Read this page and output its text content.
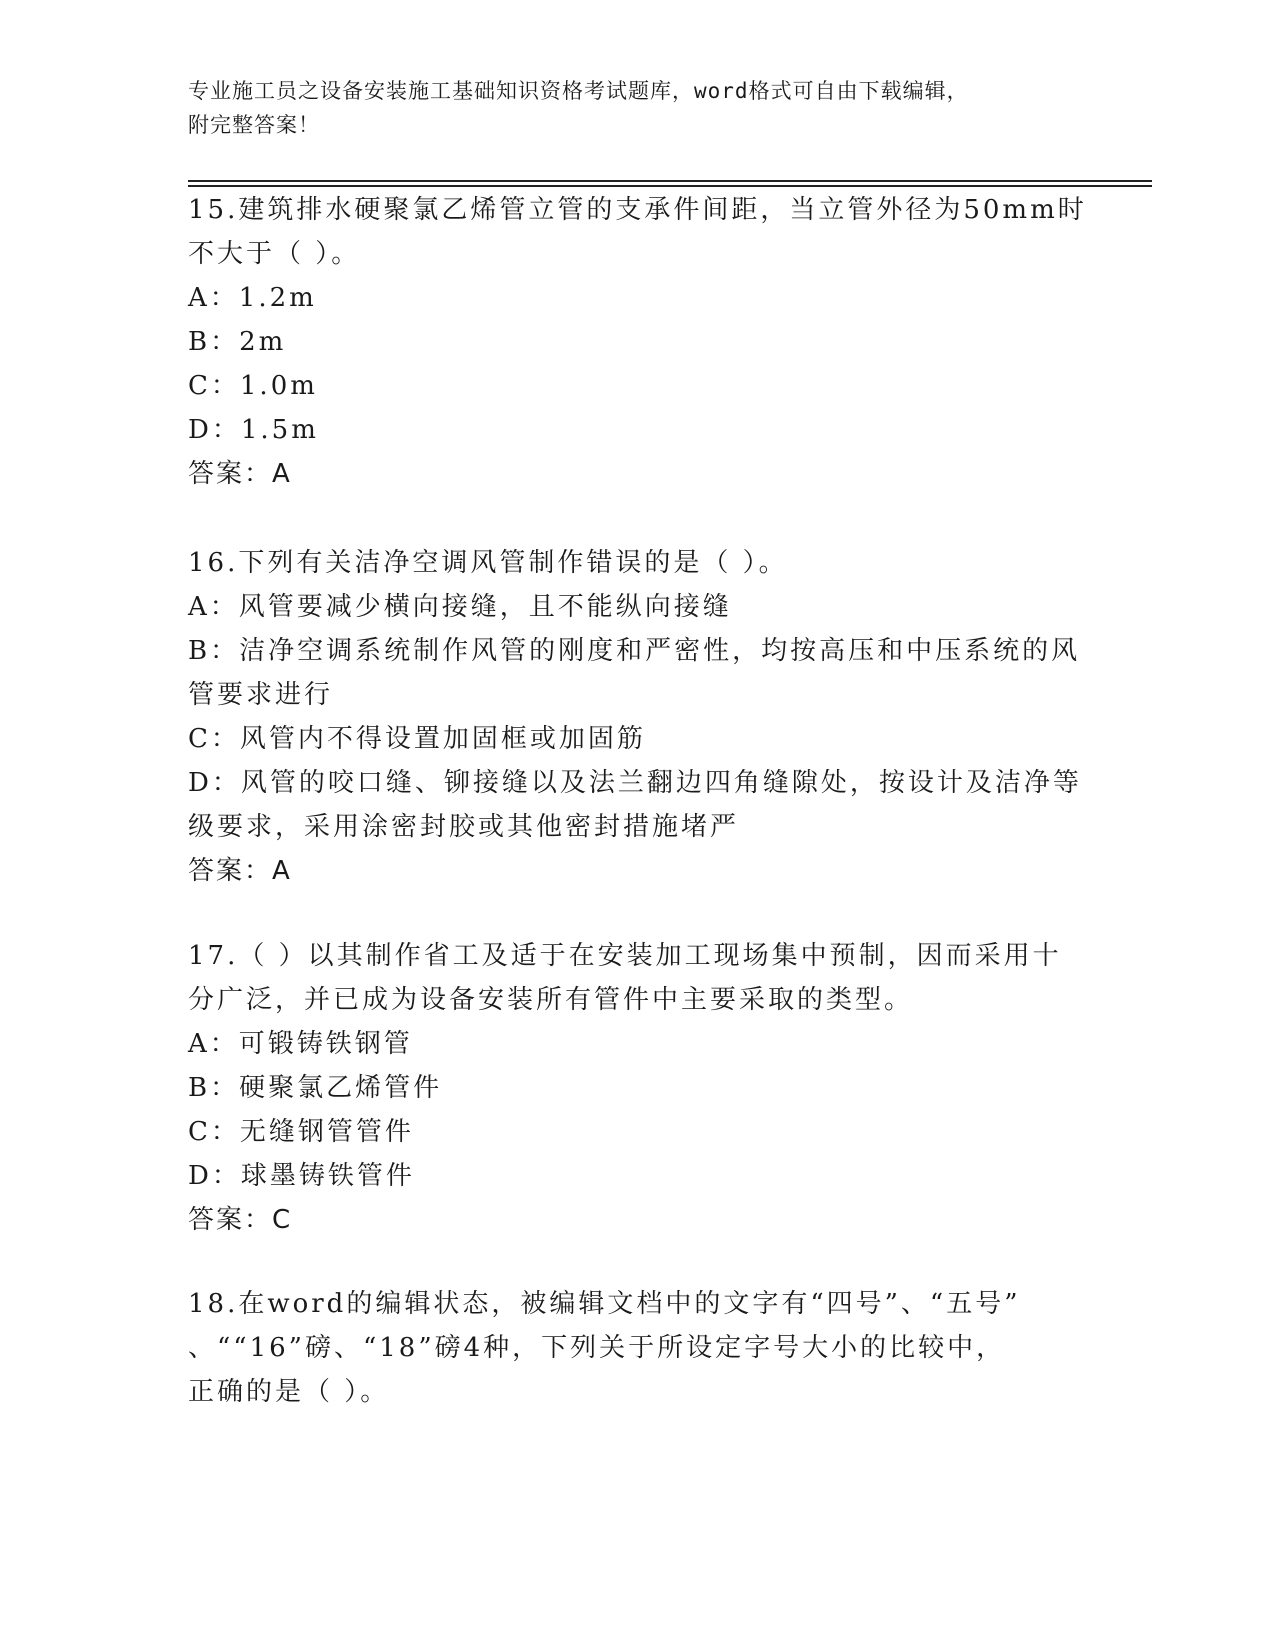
专业施工员之设备安装施工基础知识资格考试题库，word格式可自由下载编辑，
附完整答案！
15.建筑排水硬聚氯乙烯管立管的支承件间距，当立管外径为50mm时
不大于（ ）。
A：1.2m
B：2m
C：1.0m
D：1.5m
答案：A
16.下列有关洁净空调风管制作错误的是（ ）。
A：风管要减少横向接缝，且不能纵向接缝
B：洁净空调系统制作风管的刚度和严密性，均按高压和中压系统的风
管要求进行
C：风管内不得设置加固框或加固筋
D：风管的咬口缝、铆接缝以及法兰翻边四角缝隙处，按设计及洁净等
级要求，采用涂密封胶或其他密封措施堵严
答案：A
17.（ ）以其制作省工及适于在安装加工现场集中预制，因而采用十
分广泛，并已成为设备安装所有管件中主要采取的类型。
A：可锻铸铁钢管
B：硬聚氯乙烯管件
C：无缝钢管管件
D：球墨铸铁管件
答案：C
18.在word的编辑状态，被编辑文档中的文字有“四号”、“五号”
、““16”磅、“18”磅4种，下列关于所设定字号大小的比较中，
正确的是（ ）。
